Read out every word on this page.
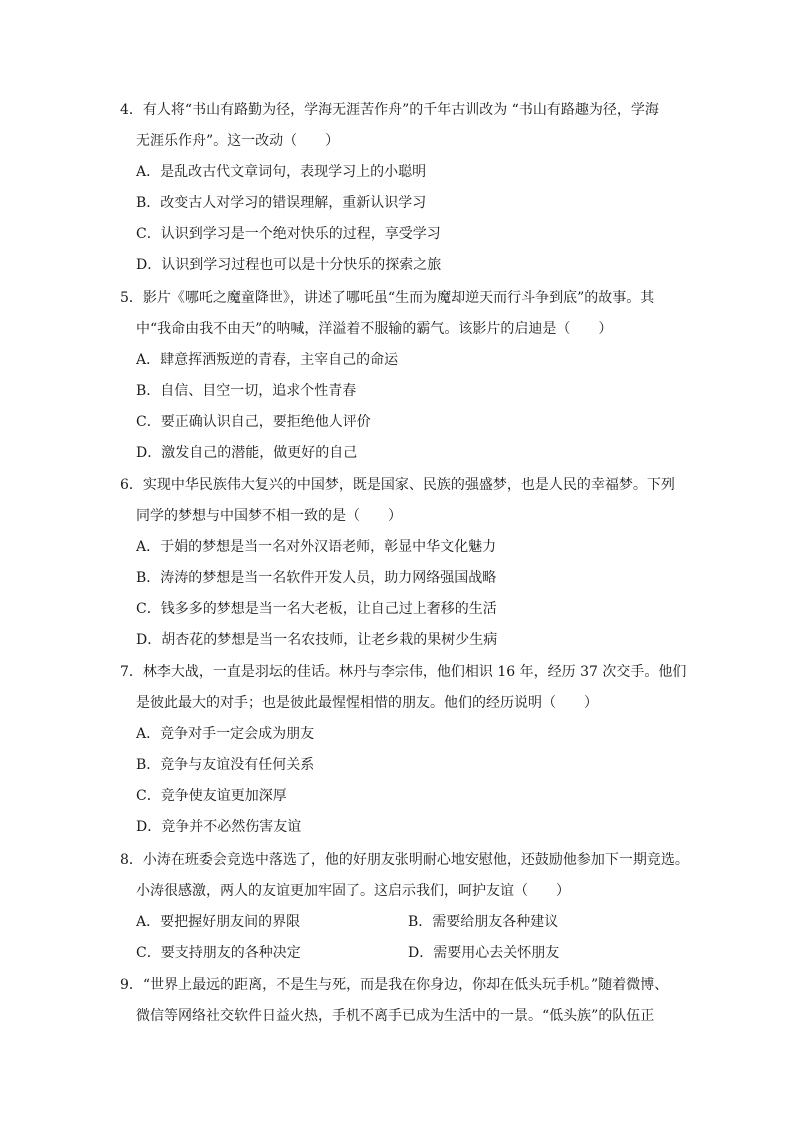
4．有人将“书山有路勤为径，学海无涯苦作舟”的千年古训改为 “书山有路趣为径，学海
无涯乐作舟”。这一改动（　　）
A．是乱改古代文章词句，表现学习上的小聪明
B．改变古人对学习的错误理解，重新认识学习
C．认识到学习是一个绝对快乐的过程，享受学习
D．认识到学习过程也可以是十分快乐的探索之旅
5．影片《哪吒之魔童降世》，讲述了哪吒虽“生而为魔却逆天而行斗争到底”的故事。其
中“我命由我不由天”的呐喊，洋溢着不服输的霸气。该影片的启迪是（　　）
A．肆意挥洒叛逆的青春，主宰自己的命运
B．自信、目空一切，追求个性青春
C．要正确认识自己，要拒绝他人评价
D．激发自己的潜能，做更好的自己
6．实现中华民族伟大复兴的中国梦，既是国家、民族的强盛梦，也是人民的幸福梦。下列
同学的梦想与中国梦不相一致的是（　　）
A．于娟的梦想是当一名对外汉语老师，彰显中华文化魅力
B．涛涛的梦想是当一名软件开发人员，助力网络强国战略
C．钱多多的梦想是当一名大老板，让自己过上奢移的生活
D．胡杏花的梦想是当一名农技师，让老乡栽的果树少生病
7．林李大战，一直是羽坛的佳话。林丹与李宗伟，他们相识 16 年，经历 37 次交手。他们
是彼此最大的对手；也是彼此最惺惺相惜的朋友。他们的经历说明（　　）
A．竞争对手一定会成为朋友
B．竞争与友谊没有任何关系
C．竞争使友谊更加深厚
D．竞争并不必然伤害友谊
8．小涛在班委会竞选中落选了，他的好朋友张明耐心地安慰他，还鼓励他参加下一期竞选。
小涛很感激，两人的友谊更加牢固了。这启示我们，呵护友谊（　　）
A．要把握好朋友间的界限	B．需要给朋友各种建议
C．要支持朋友的各种决定	D．需要用心去关怀朋友
9．“世界上最远的距离，不是生与死，而是我在你身边，你却在低头玩手机。”随着微博、
微信等网络社交软件日益火热，手机不离手已成为生活中的一景。“低头族”的队伍正
